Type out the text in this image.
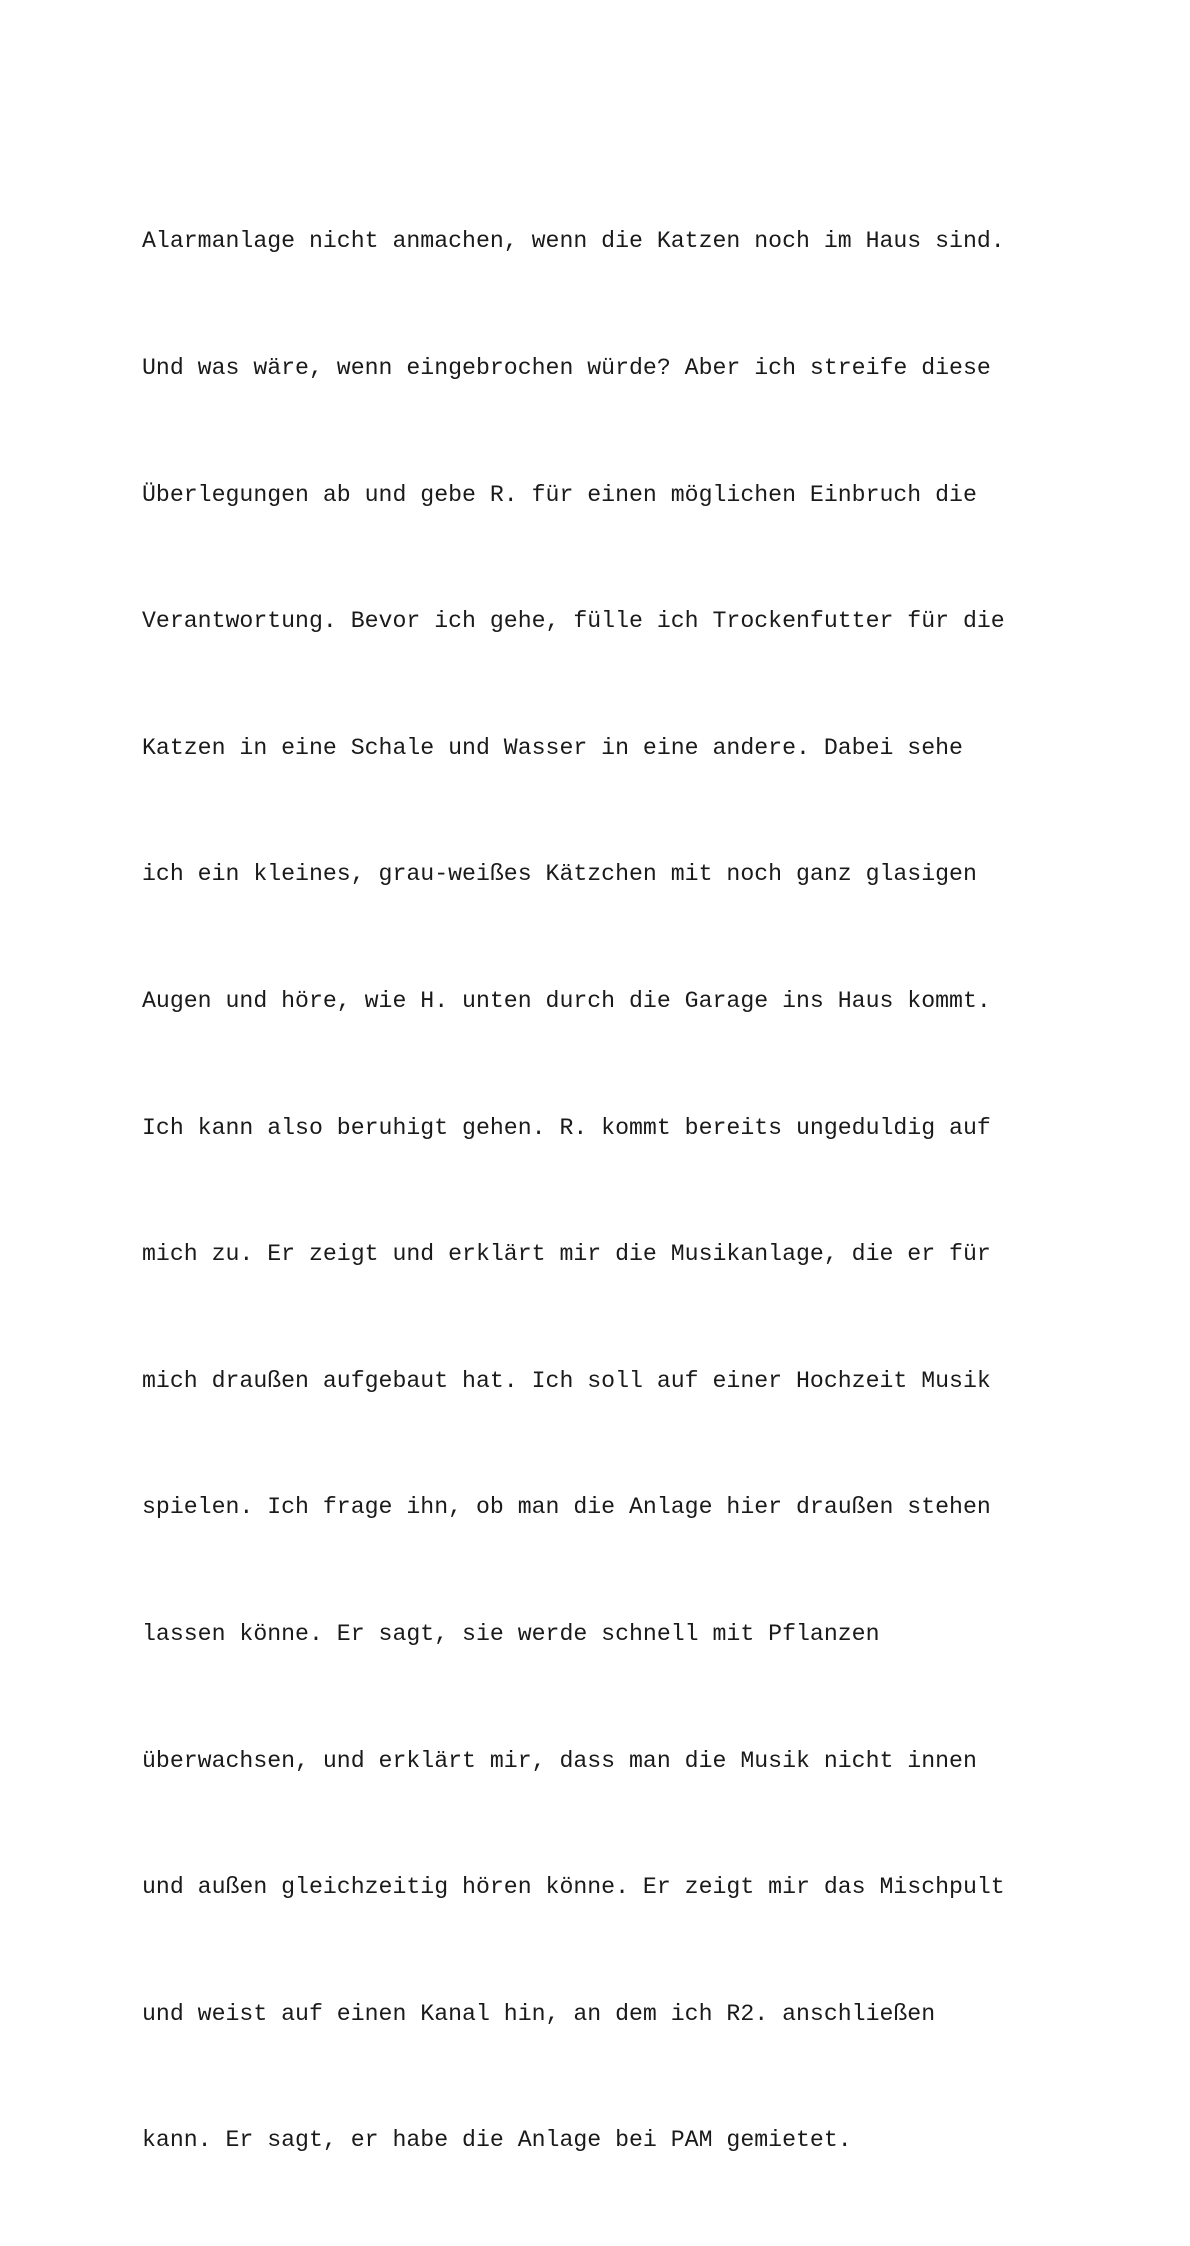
Alarmanlage nicht anmachen, wenn die Katzen noch im Haus sind.

Und was wäre, wenn eingebrochen würde? Aber ich streife diese

Überlegungen ab und gebe R. für einen möglichen Einbruch die

Verantwortung. Bevor ich gehe, fülle ich Trockenfutter für die

Katzen in eine Schale und Wasser in eine andere. Dabei sehe

ich ein kleines, grau-weißes Kätzchen mit noch ganz glasigen

Augen und höre, wie H. unten durch die Garage ins Haus kommt.

Ich kann also beruhigt gehen. R. kommt bereits ungeduldig auf

mich zu. Er zeigt und erklärt mir die Musikanlage, die er für

mich draußen aufgebaut hat. Ich soll auf einer Hochzeit Musik

spielen. Ich frage ihn, ob man die Anlage hier draußen stehen

lassen könne. Er sagt, sie werde schnell mit Pflanzen

überwachsen, und erklärt mir, dass man die Musik nicht innen

und außen gleichzeitig hören könne. Er zeigt mir das Mischpult

und weist auf einen Kanal hin, an dem ich R2. anschließen

kann. Er sagt, er habe die Anlage bei PAM gemietet.
